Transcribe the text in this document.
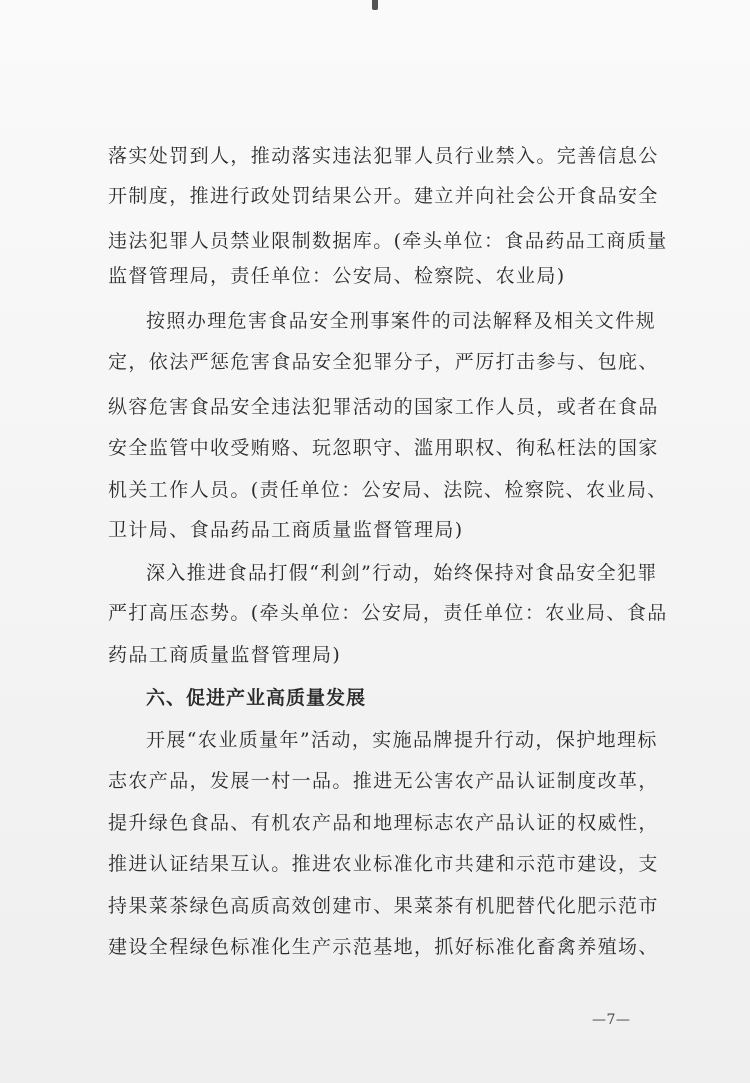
落实处罚到人，推动落实违法犯罪人员行业禁入。完善信息公
开制度，推进行政处罚结果公开。建立并向社会公开食品安全
违法犯罪人员禁业限制数据库。(牵头单位：食品药品工商质量
监督管理局，责任单位：公安局、检察院、农业局)
按照办理危害食品安全刑事案件的司法解释及相关文件规
定，依法严惩危害食品安全犯罪分子，严厉打击参与、包庇、
纵容危害食品安全违法犯罪活动的国家工作人员，或者在食品
安全监管中收受贿赂、玩忽职守、滥用职权、徇私枉法的国家
机关工作人员。(责任单位：公安局、法院、检察院、农业局、
卫计局、食品药品工商质量监督管理局)
深入推进食品打假“利剑”行动，始终保持对食品安全犯罪
严打高压态势。(牵头单位：公安局，责任单位：农业局、食品
药品工商质量监督管理局)
六、促进产业高质量发展
开展“农业质量年”活动，实施品牌提升行动，保护地理标
志农产品，发展一村一品。推进无公害农产品认证制度改革，
提升绿色食品、有机农产品和地理标志农产品认证的权威性，
推进认证结果互认。推进农业标准化市共建和示范市建设，支
持果菜茶绿色高质高效创建市、果菜茶有机肥替代化肥示范市
建设全程绿色标准化生产示范基地，抓好标准化畜禽养殖场、
—7—
